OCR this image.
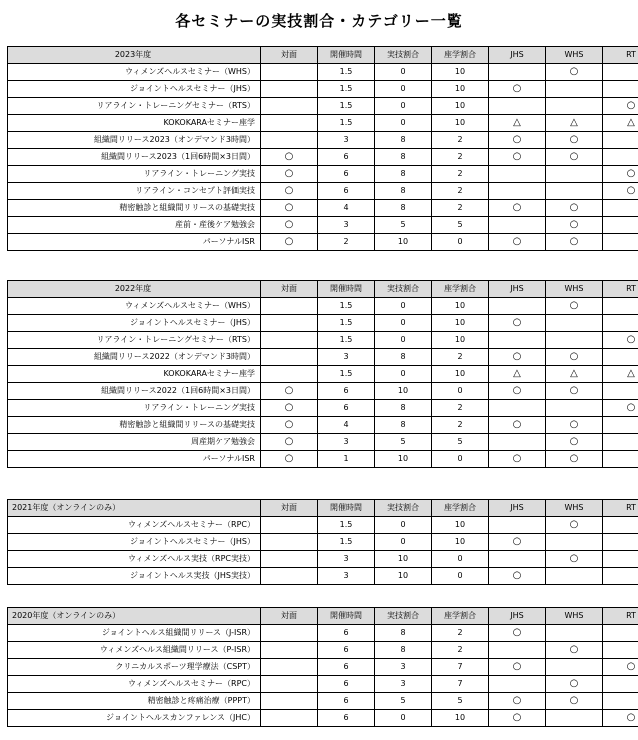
各セミナーの実技割合・カテゴリー一覧
2023年度	対面	開催時間	実技割合	座学割合	JHS	WHS	RT
ウィメンズヘルスセミナー（WHS）		1.5	0	10		○	
ジョイントヘルスセミナー（JHS）		1.5	0	10	○		
リアライン・トレーニングセミナー（RTS）		1.5	0	10			○
KOKOKARAセミナー座学		1.5	0	10	△	△	△
組織間リリース2023（オンデマンド3時間）		3	8	2	○	○	
組織間リリース2023（1回6時間×3日間）	○	6	8	2	○	○	
リアライン・トレーニング実技	○	6	8	2			○
リアライン・コンセプト評価実技	○	6	8	2			○
精密触診と組織間リリースの基礎実技	○	4	8	2	○	○	
産前・産後ケア勉強会	○	3	5	5		○	
パーソナルISR	○	2	10	0	○	○	
2022年度	対面	開催時間	実技割合	座学割合	JHS	WHS	RT
ウィメンズヘルスセミナー（WHS）		1.5	0	10		○	
ジョイントヘルスセミナー（JHS）		1.5	0	10	○		
リアライン・トレーニングセミナー（RTS）		1.5	0	10			○
組織間リリース2022（オンデマンド3時間）		3	8	2	○	○	
KOKOKARAセミナー座学		1.5	0	10	△	△	△
組織間リリース2022（1回6時間×3日間）	○	6	10	0	○	○	
リアライン・トレーニング実技	○	6	8	2			○
精密触診と組織間リリースの基礎実技	○	4	8	2	○	○	
周産期ケア勉強会	○	3	5	5		○	
パーソナルISR	○	1	10	0	○	○	
2021年度（オンラインのみ）	対面	開催時間	実技割合	座学割合	JHS	WHS	RT
ウィメンズヘルスセミナー（RPC）		1.5	0	10		○	
ジョイントヘルスセミナー（JHS）		1.5	0	10	○		
ウィメンズヘルス実技（RPC実技）		3	10	0		○	
ジョイントヘルス実技（JHS実技）		3	10	0	○		
2020年度（オンラインのみ）	対面	開催時間	実技割合	座学割合	JHS	WHS	RT
ジョイントヘルス組織間リリース（J-ISR）		6	8	2	○		
ウィメンズヘルス組織間リリース（P-ISR）		6	8	2		○	
クリニカルスポーツ理学療法（CSPT）		6	3	7	○		○
ウィメンズヘルスセミナー（RPC）		6	3	7		○	
精密触診と疼痛治療（PPPT）		6	5	5	○	○	
ジョイントヘルスカンファレンス（JHC）		6	0	10	○		○
